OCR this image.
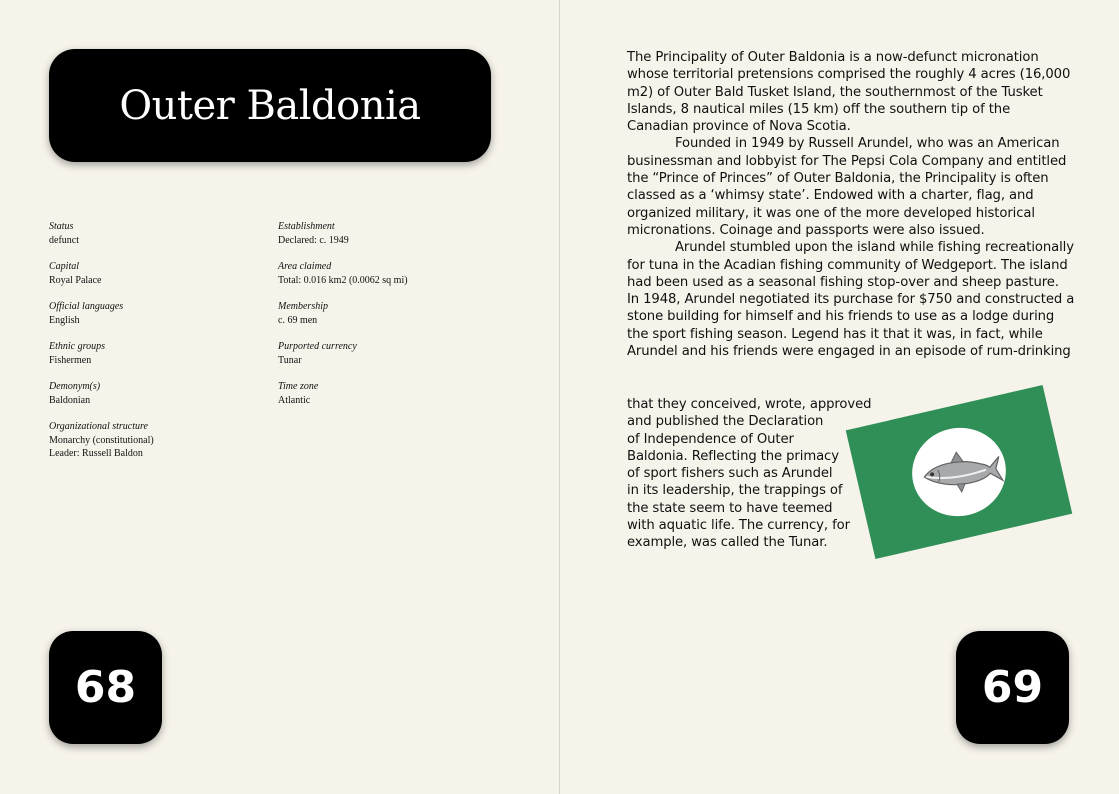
Outer Baldonia
Status
defunct
Capital
Royal Palace
Official languages
English
Ethnic groups
Fishermen
Demonym(s)
Baldonian
Organizational structure
Monarchy (constitutional)
Leader: Russell Baldon
Establishment
Declared: c. 1949
Area claimed
Total: 0.016 km2 (0.0062 sq mi)
Membership
c. 69 men
Purported currency
Tunar
Time zone
Atlantic
68

The Principality of Outer Baldonia is a now-defunct micronation whose territorial pretensions comprised the roughly 4 acres (16,000 m2) of Outer Bald Tusket Island, the southernmost of the Tusket Islands, 8 nautical miles (15 km) off the southern tip of the Canadian province of Nova Scotia.

Founded in 1949 by Russell Arundel, who was an American businessman and lobbyist for The Pepsi Cola Company and entitled the “Prince of Princes” of Outer Baldonia, the Principality is often classed as a ‘whimsy state’. Endowed with a charter, flag, and organized military, it was one of the more developed historical micronations. Coinage and passports were also issued.

Arundel stumbled upon the island while fishing recreationally for tuna in the Acadian fishing community of Wedgeport. The island had been used as a seasonal fishing stop-over and sheep pasture. In 1948, Arundel negotiated its purchase for $750 and constructed a stone building for himself and his friends to use as a lodge during the sport fishing season. Legend has it that it was, in fact, while Arundel and his friends were engaged in an episode of rum-drinking

that they conceived, wrote, approved
and published the Declaration
of Independence of Outer
Baldonia. Reflecting the primacy
of sport fishers such as Arundel
in its leadership, the trappings of
the state seem to have teemed
with aquatic life. The currency, for
example, was called the Tunar.
69
